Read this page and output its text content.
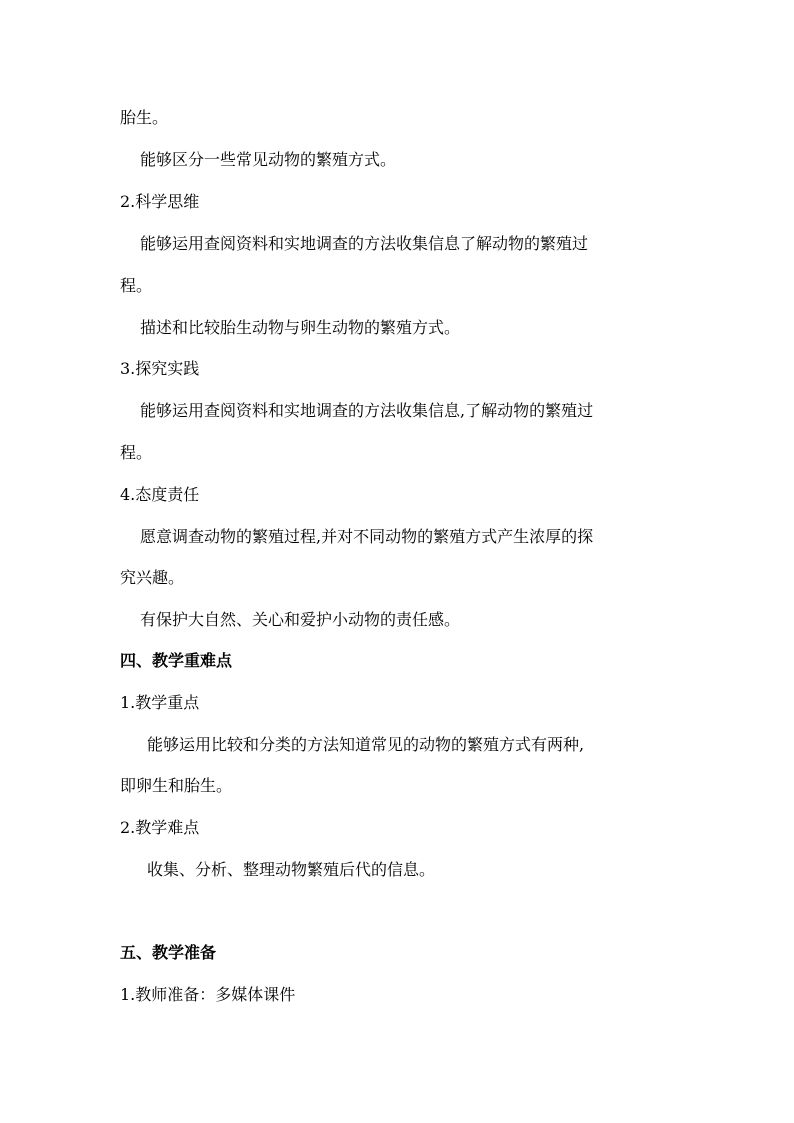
胎生。
能够区分一些常见动物的繁殖方式。
2.科学思维
能够运用查阅资料和实地调查的方法收集信息了解动物的繁殖过
程。
描述和比较胎生动物与卵生动物的繁殖方式。
3.探究实践
能够运用查阅资料和实地调查的方法收集信息,了解动物的繁殖过
程。
4.态度责任
愿意调查动物的繁殖过程,并对不同动物的繁殖方式产生浓厚的探
究兴趣。
有保护大自然、关心和爱护小动物的责任感。
四、教学重难点
1.教学重点
能够运用比较和分类的方法知道常见的动物的繁殖方式有两种,
即卵生和胎生。
2.教学难点
收集、分析、整理动物繁殖后代的信息。
五、教学准备
1.教师准备：多媒体课件
